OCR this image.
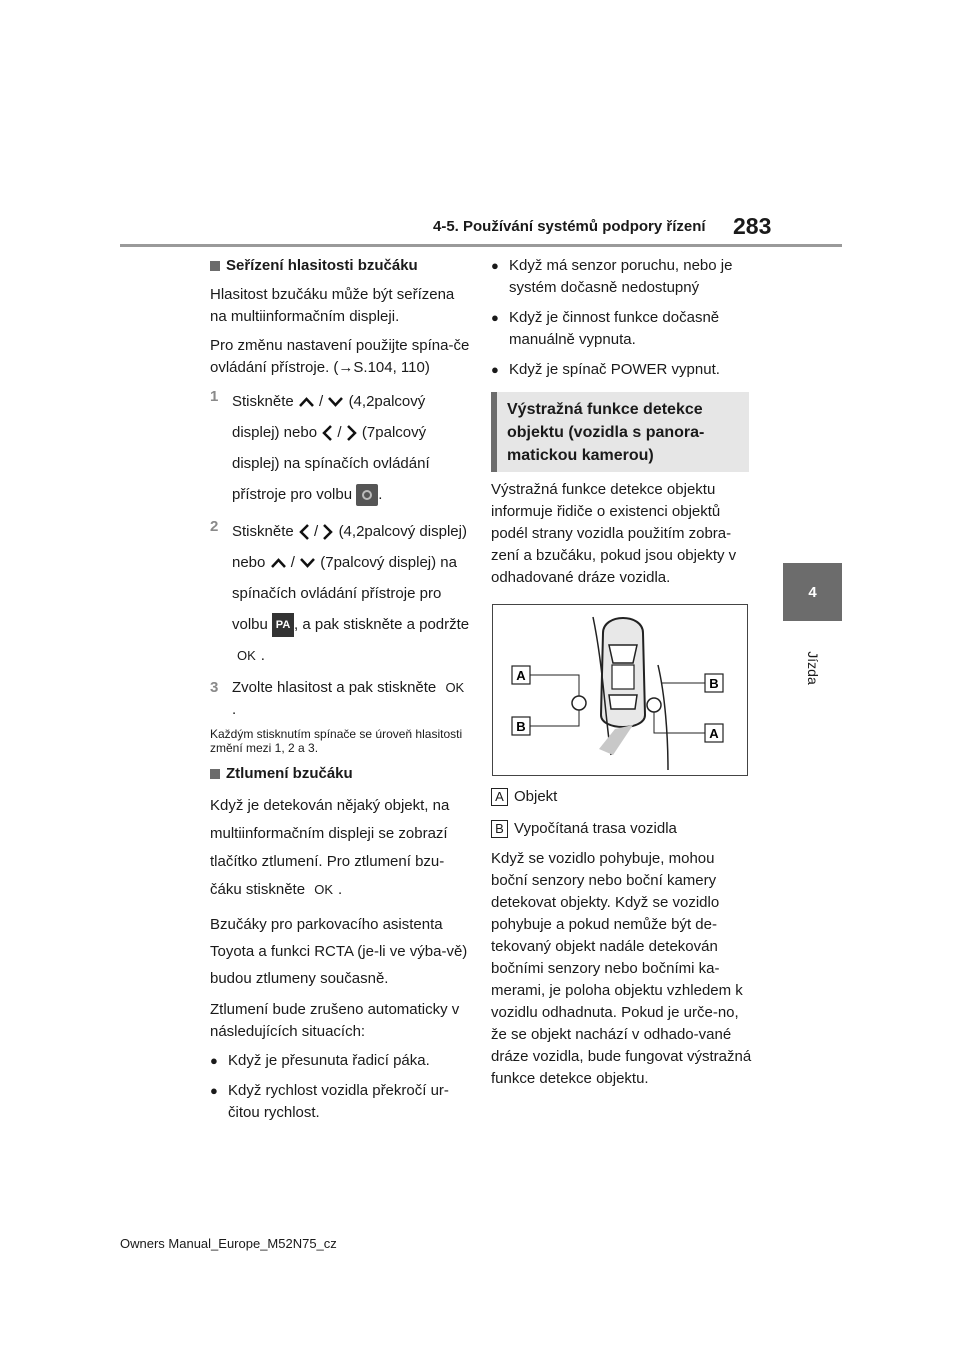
4-5. Používání systémů podpory řízení 283
4
Jízda

Seřízení hlasitosti bzučáku

Hlasitost bzučáku může být seřízena na multiinformačním displeji.

Pro změnu nastavení použijte spína-če ovládání přístroje. (→S.104, 110)

1 Stiskněte / (4,2palcový displej) nebo / (7palcový displej) na spínačích ovládání přístroje pro volbu .
2 Stiskněte / (4,2palcový displej) nebo / (7palcový displej) na spínačích ovládání přístroje pro volbu PA , a pak stiskněte a podržte OK .
3 Zvolte hlasitost a pak stiskněte OK.

Každým stisknutím spínače se úroveň hlasitosti změní mezi 1, 2 a 3.

Ztlumení bzučáku

Když je detekován nějaký objekt, na multiinformačním displeji se zobrazí tlačítko ztlumení. Pro ztlumení bzu-čáku stiskněte OK .

Bzučáky pro parkovacího asistenta Toyota a funkci RCTA (je-li ve výba-vě) budou ztlumeny současně.

Ztlumení bude zrušeno automaticky v následujících situacích:

● Když je přesunuta řadicí páka.
● Když rychlost vozidla překročí ur-čitou rychlost.
● Když má senzor poruchu, nebo je systém dočasně nedostupný
● Když je činnost funkce dočasně manuálně vypnuta.
● Když je spínač POWER vypnut.
Výstražná funkce detekce objektu (vozidla s panora-matickou kamerou)
Výstražná funkce detekce objektu informuje řidiče o existenci objektů podél strany vozidla použitím zobra-zení a bzučáku, pokud jsou objekty v odhadované dráze vozidla.
A
B
B
A
A Objekt
B Vypočítaná trasa vozidla
Když se vozidlo pohybuje, mohou boční senzory nebo boční kamery detekovat objekty. Když se vozidlo pohybuje a pokud nemůže být de-tekovaný objekt nadále detekován bočními senzory nebo bočními ka-merami, je poloha objektu vzhledem k vozidlu odhadnuta. Pokud je urče-no, že se objekt nachází v odhado-vané dráze vozidla, bude fungovat výstražná funkce detekce objektu.
Owners Manual_Europe_M52N75_cz
